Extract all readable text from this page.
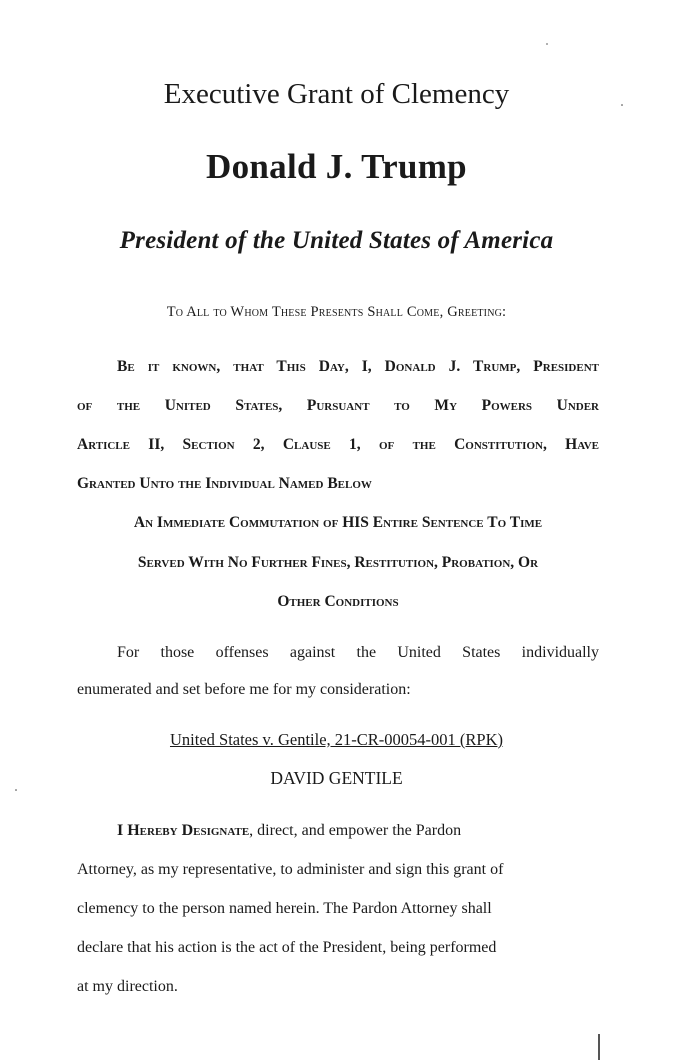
Executive Grant of Clemency
Donald J. Trump
President of the United States of America
To All to Whom These Presents Shall Come, Greeting:
Be it known, that This Day, I, Donald J. Trump, President
of the United States, Pursuant to My Powers Under
Article II, Section 2, Clause 1, of the Constitution, Have
Granted Unto the Individual Named Below
An Immediate Commutation of HIS Entire Sentence To Time
Served With No Further Fines, Restitution, Probation, Or
Other Conditions
For those offenses against the United States individually
enumerated and set before me for my consideration:
United States v. Gentile, 21-CR-00054-001 (RPK)
DAVID GENTILE
I Hereby Designate, direct, and empower the Pardon
Attorney, as my representative, to administer and sign this grant of
clemency to the person named herein. The Pardon Attorney shall
declare that his action is the act of the President, being performed
at my direction.
